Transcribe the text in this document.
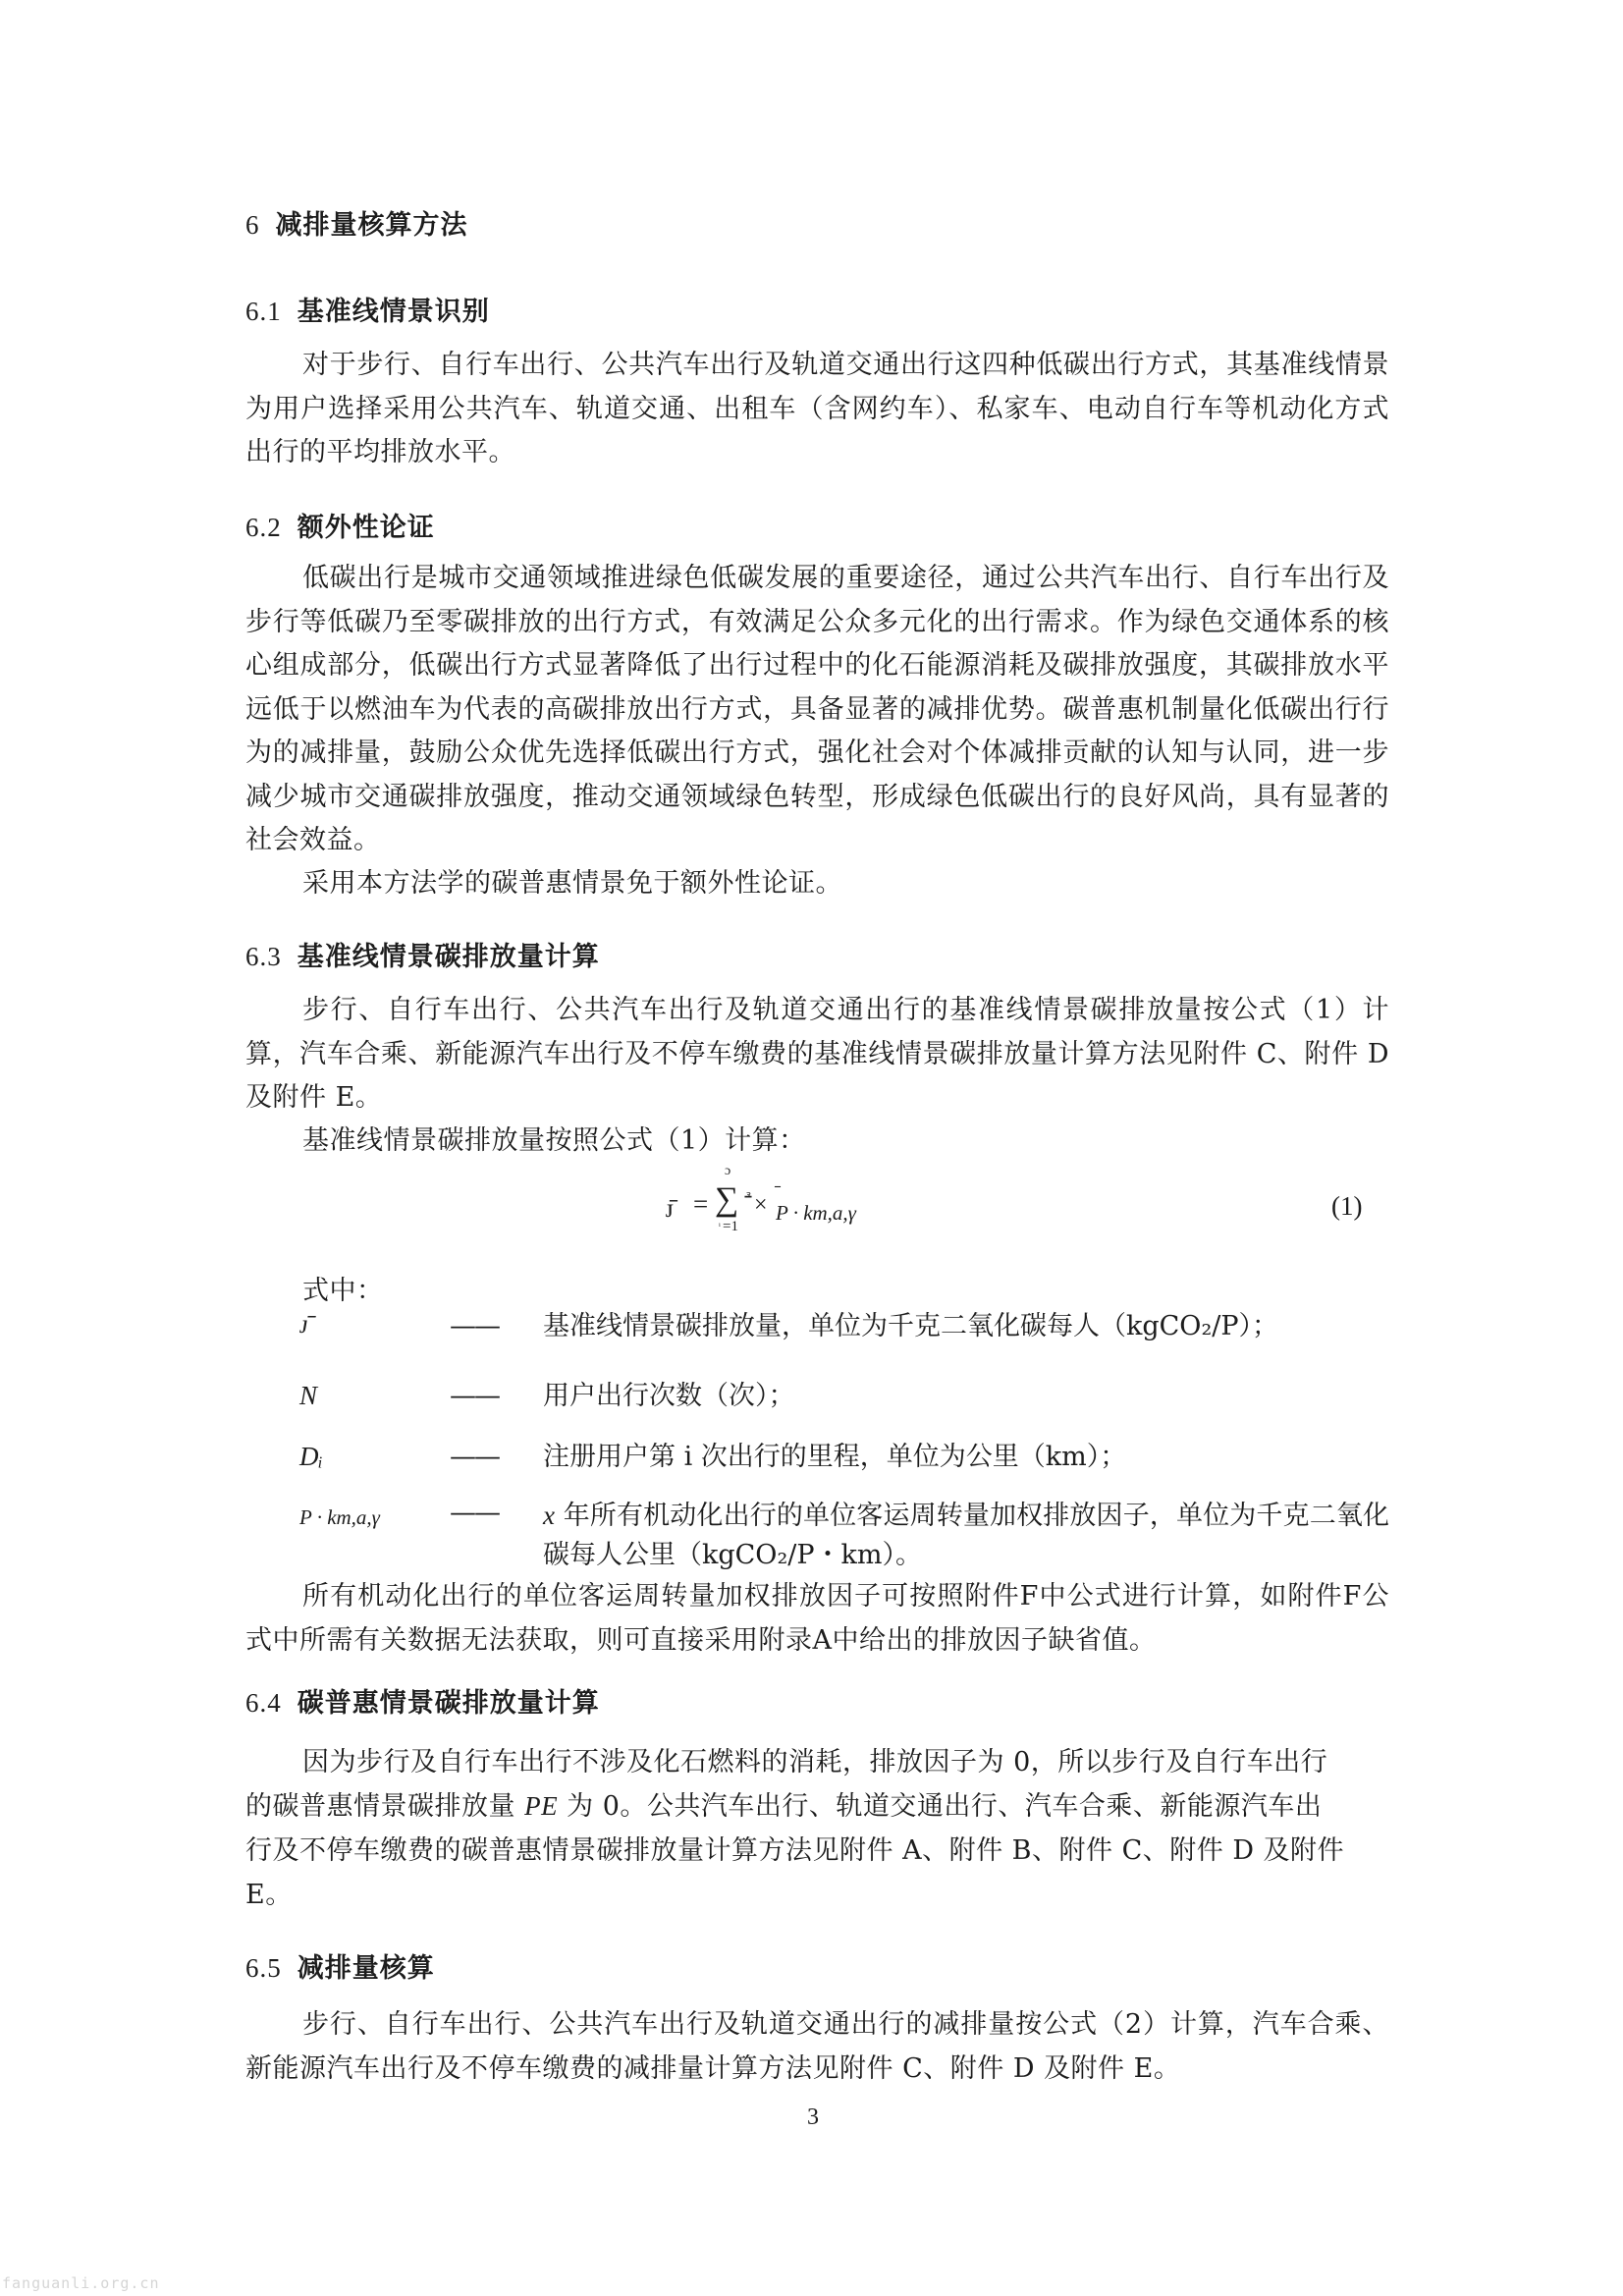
6 减排量核算方法
6.1 基准线情景识别

对于步行、自行车出行、公共汽车出行及轨道交通出行这四种低碳出行方式，其基准线情景为用户选择采用公共汽车、轨道交通、出租车（含网约车）、私家车、电动自行车等机动化方式出行的平均排放水平。

6.2 额外性论证

低碳出行是城市交通领域推进绿色低碳发展的重要途径，通过公共汽车出行、自行车出行及步行等低碳乃至零碳排放的出行方式，有效满足公众多元化的出行需求。作为绿色交通体系的核心组成部分，低碳出行方式显著降低了出行过程中的化石能源消耗及碳排放强度，其碳排放水平远低于以燃油车为代表的高碳排放出行方式，具备显著的减排优势。碳普惠机制量化低碳出行行为的减排量，鼓励公众优先选择低碳出行方式，强化社会对个体减排贡献的认知与认同，进一步减少城市交通碳排放强度，推动交通领域绿色转型，形成绿色低碳出行的良好风尚，具有显著的社会效益。

采用本方法学的碳普惠情景免于额外性论证。

6.3 基准线情景碳排放量计算

步行、自行车出行、公共汽车出行及轨道交通出行的基准线情景碳排放量按公式（1）计算，汽车合乘、新能源汽车出行及不停车缴费的基准线情景碳排放量计算方法见附件 C、附件 D 及附件 E。

基准线情景碳排放量按照公式（1）计算：

ᴊ̄ =
ɔ
∑ ᷣ̄ × P · km,a,γ
ᵢ =1
(1)

式中：

ᴊ̄	—— 基准线情景碳排放量，单位为千克二氧化碳每人（kgCO₂/P）；
N	—— 用户出行次数（次）；
Dᵢ	—— 注册用户第 i 次出行的里程，单位为公里（km）；
P · km,a,γ	—— x 年所有机动化出行的单位客运周转量加权排放因子，单位为千克二氧化碳每人公里（kgCO₂/P・km）。

所有机动化出行的单位客运周转量加权排放因子可按照附件F中公式进行计算，如附件F公式中所需有关数据无法获取，则可直接采用附录A中给出的排放因子缺省值。

6.4 碳普惠情景碳排放量计算
因为步行及自行车出行不涉及化石燃料的消耗，排放因子为 0，所以步行及自行车出行
的碳普惠情景碳排放量 PE 为 0。公共汽车出行、轨道交通出行、汽车合乘、新能源汽车出
行及不停车缴费的碳普惠情景碳排放量计算方法见附件 A、附件 B、附件 C、附件 D 及附件
E。
6.5 减排量核算

步行、自行车出行、公共汽车出行及轨道交通出行的减排量按公式（2）计算，汽车合乘、新能源汽车出行及不停车缴费的减排量计算方法见附件 C、附件 D 及附件 E。

3
fanguanli.org.cn
